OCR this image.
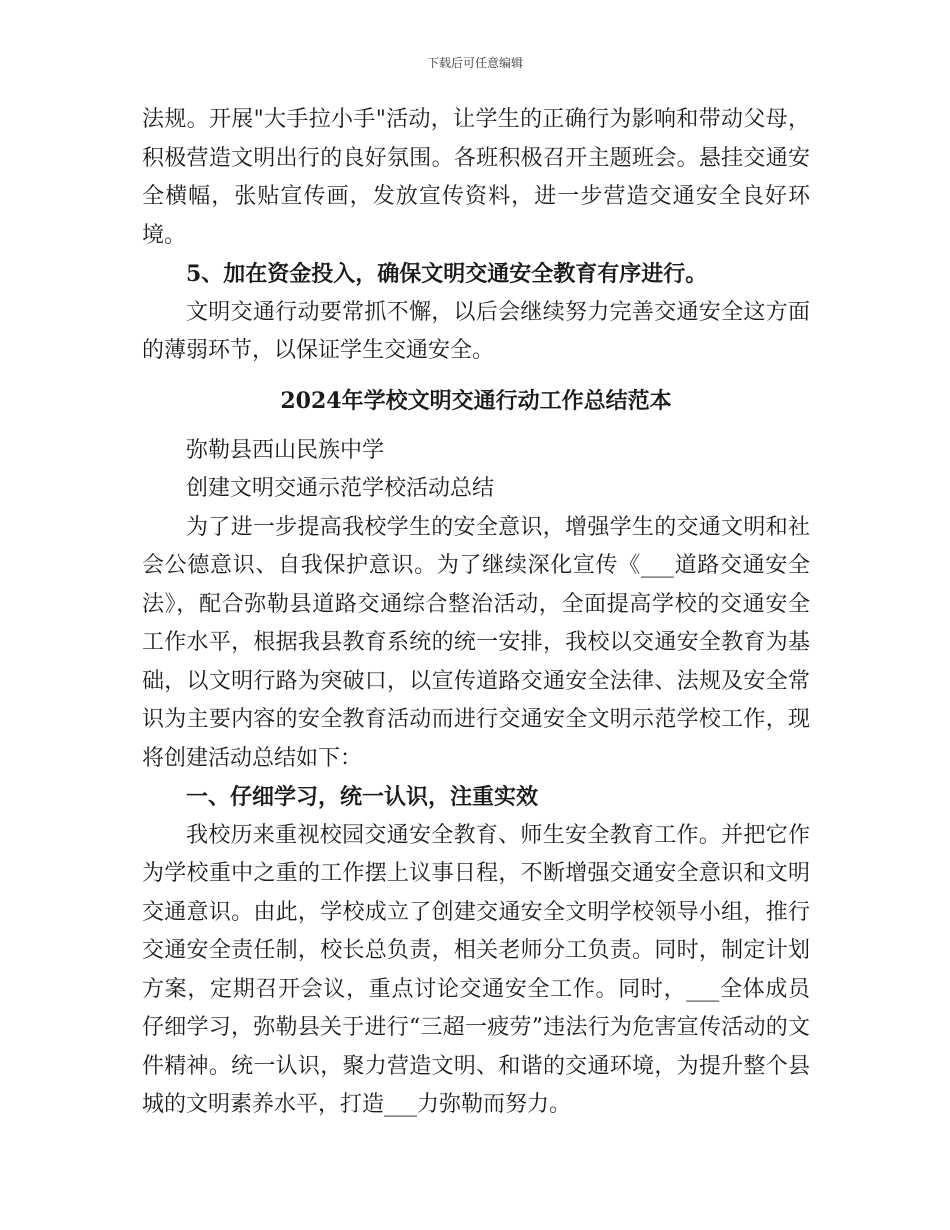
下载后可任意编辑

法规。开展"大手拉小手"活动，让学生的正确行为影响和带动父母，积极营造文明出行的良好氛围。各班积极召开主题班会。悬挂交通安全横幅，张贴宣传画，发放宣传资料，进一步营造交通安全良好环境。

5、加在资金投入，确保文明交通安全教育有序进行。

文明交通行动要常抓不懈，以后会继续努力完善交通安全这方面的薄弱环节，以保证学生交通安全。

2024年学校文明交通行动工作总结范本

弥勒县西山民族中学

创建文明交通示范学校活动总结

为了进一步提高我校学生的安全意识，增强学生的交通文明和社会公德意识、自我保护意识。为了继续深化宣传《___道路交通安全法》，配合弥勒县道路交通综合整治活动，全面提高学校的交通安全工作水平，根据我县教育系统的统一安排，我校以交通安全教育为基础，以文明行路为突破口，以宣传道路交通安全法律、法规及安全常识为主要内容的安全教育活动而进行交通安全文明示范学校工作，现将创建活动总结如下：

一、仔细学习，统一认识，注重实效

我校历来重视校园交通安全教育、师生安全教育工作。并把它作为学校重中之重的工作摆上议事日程，不断增强交通安全意识和文明交通意识。由此，学校成立了创建交通安全文明学校领导小组，推行交通安全责任制，校长总负责，相关老师分工负责。同时，制定计划方案，定期召开会议，重点讨论交通安全工作。同时，___全体成员仔细学习，弥勒县关于进行“三超一疲劳”违法行为危害宣传活动的文件精神。统一认识，聚力营造文明、和谐的交通环境，为提升整个县城的文明素养水平，打造___力弥勒而努力。
